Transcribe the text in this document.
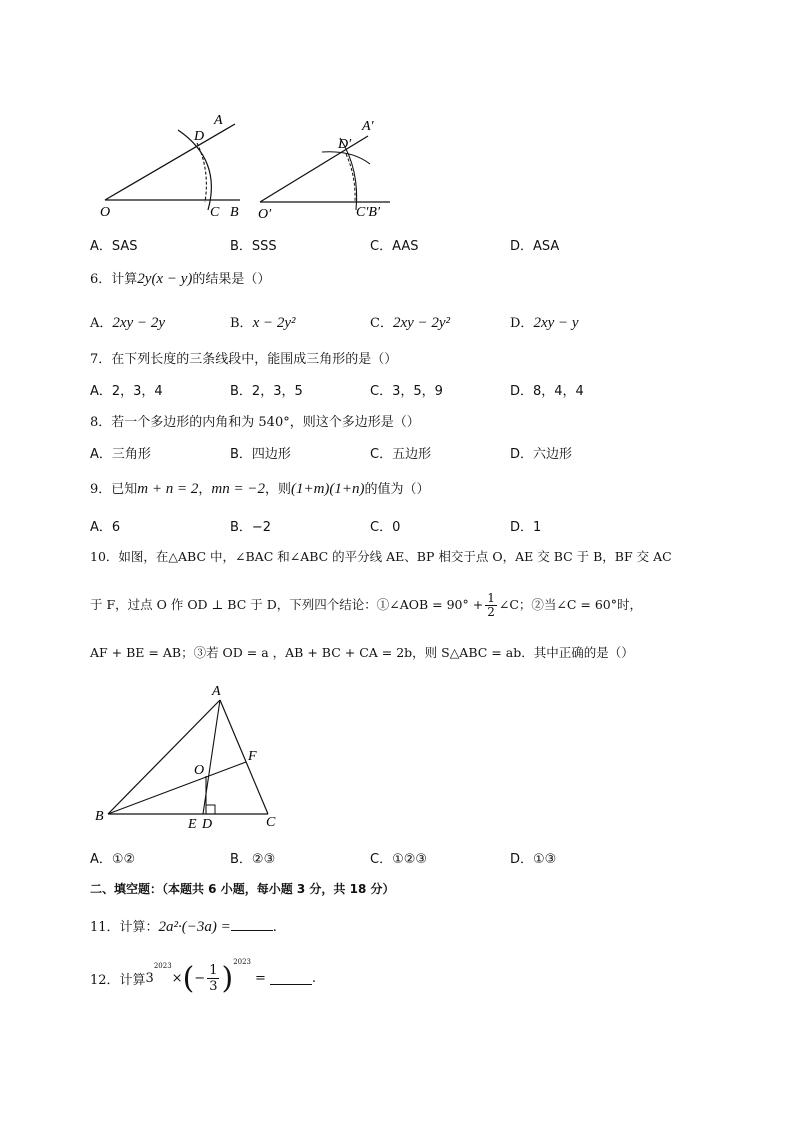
A
D
O	C B
A′
D′
O′	C′B′
A．SAS	B．SSS	C．AAS	D．ASA
6．计算2y(x − y)的结果是（）
A．2xy − 2y	B．x − 2y²	C．2xy − 2y²	D．2xy − y
7．在下列长度的三条线段中，能围成三角形的是（）
A．2，3，4	B．2，3，5	C．3，5，9	D．8，4，4
8．若一个多边形的内角和为 540°，则这个多边形是（）
A．三角形	B．四边形	C．五边形	D．六边形
9．已知m + n = 2，mn = −2，则(1+m)(1+n)的值为（）
A．6	B．−2	C．0	D．1
10．如图，在△ABC 中，∠BAC 和∠ABC 的平分线 AE、BP 相交于点 O，AE 交 BC 于 B，BF 交 AC
于 F，过点 O 作 OD ⊥ BC 于 D，下列四个结论：①∠AOB = $90^\circ + \frac{1}{2}$ ∠C；②当∠C = 60°时，
AF + BE = AB；③若 OD = a ，AB + BC + CA = 2b，则 S△ABC = ab．其中正确的是（）
A
B	C
O
F
E D
A．①②	B．②③	C．①②③	D．①③
二、填空题：（本题共 6 小题，每小题 3 分，共 18 分）
11．计算：2a²·(−3a) =	.
12．计算$3^{2023}\times(- \frac{1}{3} )^{2023}=$	.
